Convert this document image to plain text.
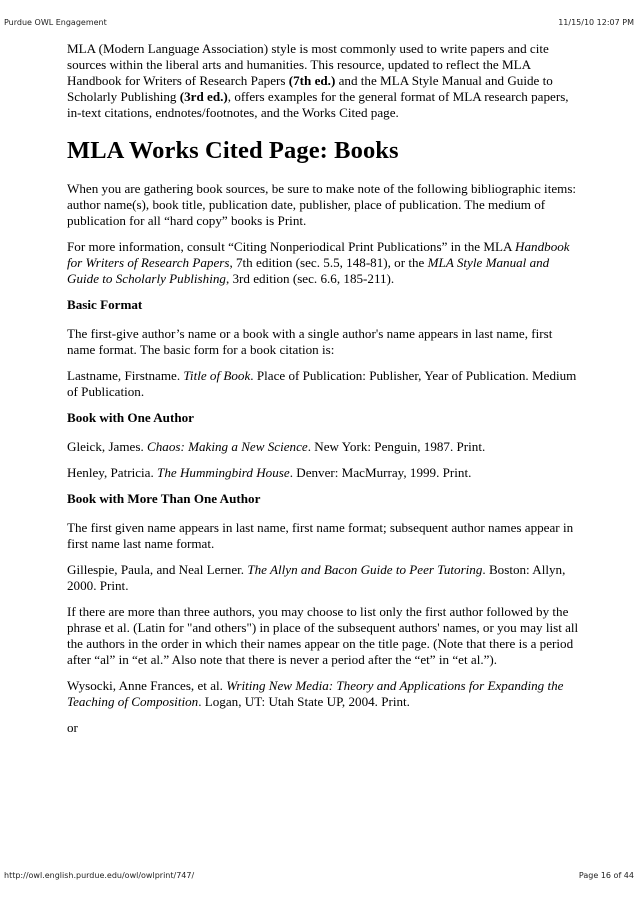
Purdue OWL Engagement	11/15/10 12:07 PM

MLA (Modern Language Association) style is most commonly used to write papers and cite sources within the liberal arts and humanities. This resource, updated to reflect the MLA Handbook for Writers of Research Papers (7th ed.) and the MLA Style Manual and Guide to Scholarly Publishing (3rd ed.), offers examples for the general format of MLA research papers, in-text citations, endnotes/footnotes, and the Works Cited page.

MLA Works Cited Page: Books

When you are gathering book sources, be sure to make note of the following bibliographic items: author name(s), book title, publication date, publisher, place of publication. The medium of publication for all “hard copy” books is Print.

For more information, consult “Citing Nonperiodical Print Publications” in the MLA Handbook for Writers of Research Papers, 7th edition (sec. 5.5, 148-81), or the MLA Style Manual and Guide to Scholarly Publishing, 3rd edition (sec. 6.6, 185-211).

Basic Format

The first-give author’s name or a book with a single author's name appears in last name, first name format. The basic form for a book citation is:

Lastname, Firstname. Title of Book. Place of Publication: Publisher, Year of Publication. Medium of Publication.

Book with One Author

Gleick, James. Chaos: Making a New Science. New York: Penguin, 1987. Print.

Henley, Patricia. The Hummingbird House. Denver: MacMurray, 1999. Print.

Book with More Than One Author

The first given name appears in last name, first name format; subsequent author names appear in first name last name format.

Gillespie, Paula, and Neal Lerner. The Allyn and Bacon Guide to Peer Tutoring. Boston: Allyn, 2000. Print.

If there are more than three authors, you may choose to list only the first author followed by the phrase et al. (Latin for "and others") in place of the subsequent authors' names, or you may list all the authors in the order in which their names appear on the title page. (Note that there is a period after “al” in “et al.” Also note that there is never a period after the “et” in “et al.”).

Wysocki, Anne Frances, et al. Writing New Media: Theory and Applications for Expanding the Teaching of Composition. Logan, UT: Utah State UP, 2004. Print.

or

http://owl.english.purdue.edu/owl/owlprint/747/	Page 16 of 44
